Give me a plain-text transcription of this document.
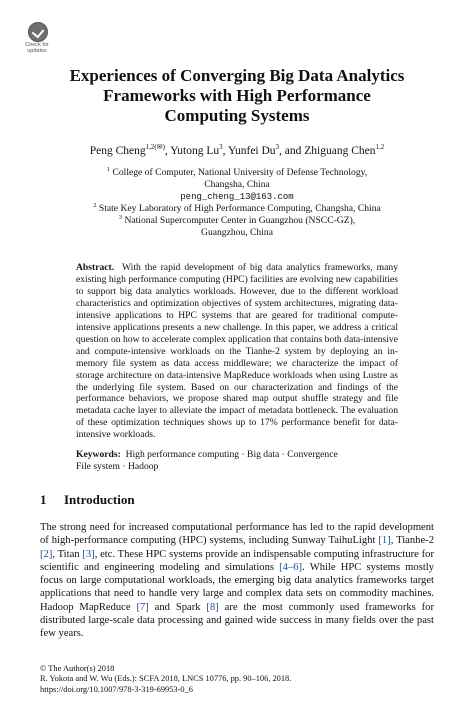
Check for
updates
Experiences of Converging Big Data Analytics
Frameworks with High Performance
Computing Systems
Peng Cheng$^{1,2(✉)}$, Yutong Lu$^3$, Yunfei Du$^3$, and Zhiguang Chen$^{1,2}$
$^1$ College of Computer, National University of Defense Technology,
Changsha, China
peng_cheng_13@163.com
$^2$ State Key Laboratory of High Performance Computing, Changsha, China
$^3$ National Supercomputer Center in Guangzhou (NSCC-GZ),
Guangzhou, China
Abstract. With the rapid development of big data analytics frameworks, many existing high performance computing (HPC) facilities are evolving new capabilities to support big data analytics workloads. However, due to the different workload characteristics and optimization objectives of system architectures, migrating data-intensive applications to HPC systems that are geared for traditional compute-intensive applications presents a new challenge. In this paper, we address a critical question on how to accelerate complex application that contains both data-intensive and compute-intensive workloads on the Tianhe-2 system by deploying an in-memory file system as data access middleware; we characterize the impact of storage architecture on data-intensive MapReduce workloads when using Lustre as the underlying file system. Based on our characterization and findings of the performance behaviors, we propose shared map output shuffle strategy and file metadata cache layer to alleviate the impact of metadata bottleneck. The evaluation of these optimization techniques shows up to 17% performance benefit for data-intensive workloads.
Keywords: High performance computing · Big data · Convergence
File system · Hadoop
1 Introduction
The strong need for increased computational performance has led to the rapid development of high-performance computing (HPC) systems, including Sunway TaihuLight [1], Tianhe-2 [2], Titan [3], etc. These HPC systems provide an indispensable computing infrastructure for scientific and engineering modeling and simulations [4–6]. While HPC systems mostly focus on large computational workloads, the emerging big data analytics frameworks target applications that need to handle very large and complex data sets on commodity machines. Hadoop MapReduce [7] and Spark [8] are the most commonly used frameworks for distributed large-scale data processing and gained wide success in many fields over the past few years.
© The Author(s) 2018
R. Yokota and W. Wu (Eds.): SCFA 2018, LNCS 10776, pp. 90–106, 2018.
https://doi.org/10.1007/978-3-319-69953-0_6
